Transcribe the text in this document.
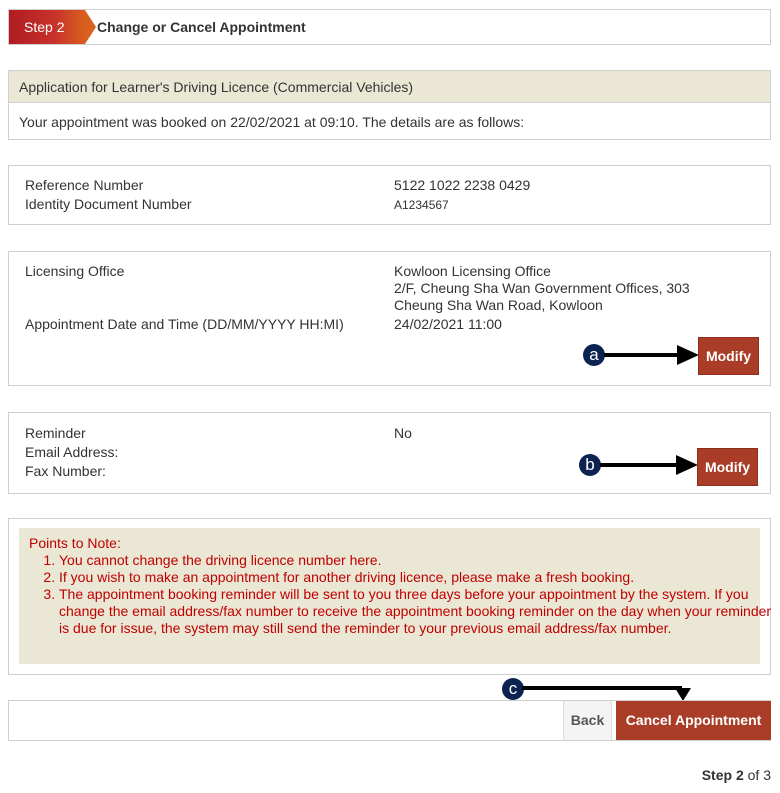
Step 2	Change or Cancel Appointment
Application for Learner's Driving Licence (Commercial Vehicles)
Your appointment was booked on 22/02/2021 at 09:10. The details are as follows:
Reference Number	5122 1022 2238 0429
Identity Document Number	A1234567
Licensing Office	Kowloon Licensing Office
2/F, Cheung Sha Wan Government Offices, 303
Cheung Sha Wan Road, Kowloon
Appointment Date and Time (DD/MM/YYYY HH:MI)	24/02/2021 11:00
a	Modify
Reminder	No
Email Address:
Fax Number:	b	Modify
Points to Note:
1. You cannot change the driving licence number here.
2. If you wish to make an appointment for another driving licence, please make a fresh booking.
3. The appointment booking reminder will be sent to you three days before your appointment by the system. If you change the email address/fax number to receive the appointment booking reminder on the day when your reminder is due for issue, the system may still send the reminder to your previous email address/fax number.
c
Back	Cancel Appointment
Step 2 of 3
